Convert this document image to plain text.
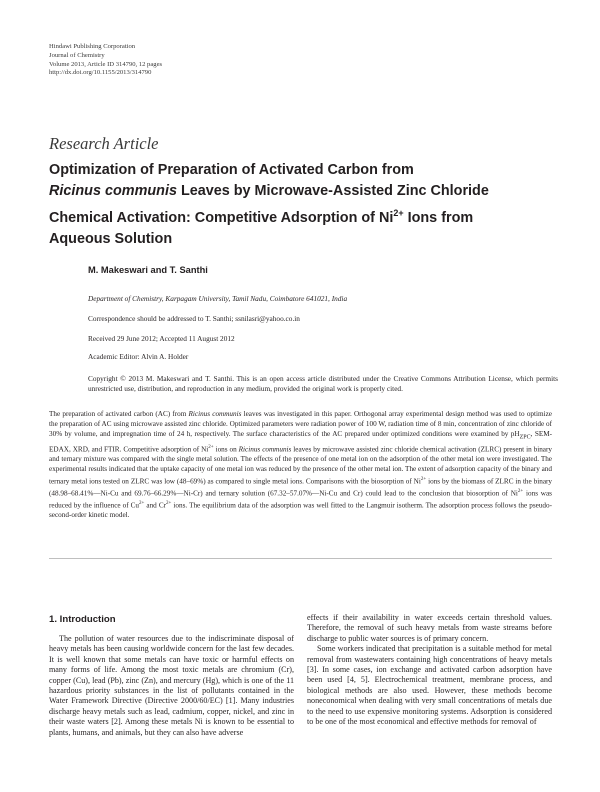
Hindawi Publishing Corporation
Journal of Chemistry
Volume 2013, Article ID 314790, 12 pages
http://dx.doi.org/10.1155/2013/314790
Research Article
Optimization of Preparation of Activated Carbon from
Ricinus communis Leaves by Microwave-Assisted Zinc Chloride
Chemical Activation: Competitive Adsorption of $Ni^{2+}$ Ions from
Aqueous Solution
M. Makeswari and T. Santhi
Department of Chemistry, Karpagam University, Tamil Nadu, Coimbatore 641021, India
Correspondence should be addressed to T. Santhi; ssnilasri@yahoo.co.in
Received 29 June 2012; Accepted 11 August 2012
Academic Editor: Alvin A. Holder
Copyright © 2013 M. Makeswari and T. Santhi. This is an open access article distributed under the Creative Commons Attribution License, which permits unrestricted use, distribution, and reproduction in any medium, provided the original work is properly cited.
The preparation of activated carbon (AC) from Ricinus communis leaves was investigated in this paper. Orthogonal array experimental design method was used to optimize the preparation of AC using microwave assisted zinc chloride. Optimized parameters were radiation power of 100 W, radiation time of 8 min, concentration of zinc chloride of 30% by volume, and impregnation time of 24 h, respectively. The surface characteristics of the AC prepared under optimized conditions were examined by $pH_{ZPC}$, SEM-EDAX, XRD, and FTIR. Competitive adsorption of $Ni^{2+}$ ions on Ricinus communis leaves by microwave assisted zinc chloride chemical activation (ZLRC) present in binary and ternary mixture was compared with the single metal solution. The effects of the presence of one metal ion on the adsorption of the other metal ion were investigated. The experimental results indicated that the uptake capacity of one metal ion was reduced by the presence of the other metal ion. The extent of adsorption capacity of the binary and ternary metal ions tested on ZLRC was low (48–69%) as compared to single metal ions. Comparisons with the biosorption of $Ni^{2+}$ ions by the biomass of ZLRC in the binary (48.98–68.41%—Ni-Cu and 69.76–66.29%—Ni-Cr) and ternary solution (67.32–57.07%—Ni-Cu and Cr) could lead to the conclusion that biosorption of $Ni^{2+}$ ions was reduced by the influence of $Cu^{2+}$ and $Cr^{2+}$ ions. The equilibrium data of the adsorption was well fitted to the Langmuir isotherm. The adsorption process follows the pseudo-second-order kinetic model.
1. Introduction

The pollution of water resources due to the indiscriminate disposal of heavy metals has been causing worldwide concern for the last few decades. It is well known that some metals can have toxic or harmful effects on many forms of life. Among the most toxic metals are chromium (Cr), copper (Cu), lead (Pb), zinc (Zn), and mercury (Hg), which is one of the 11 hazardous priority substances in the list of pollutants contained in the Water Framework Directive (Directive 2000/60/EC) [1]. Many industries discharge heavy metals such as lead, cadmium, copper, nickel, and zinc in their waste waters [2]. Among these metals Ni is known to be essential to plants, humans, and animals, but they can also have adverse

effects if their availability in water exceeds certain threshold values. Therefore, the removal of such heavy metals from waste streams before discharge to public water sources is of primary concern.

Some workers indicated that precipitation is a suitable method for metal removal from wastewaters containing high concentrations of heavy metals [3]. In some cases, ion exchange and activated carbon adsorption have been used [4, 5]. Electrochemical treatment, membrane process, and biological methods are also used. However, these methods become noneconomical when dealing with very small concentrations of metals due to the need to use expensive monitoring systems. Adsorption is considered to be one of the most economical and effective methods for removal of
